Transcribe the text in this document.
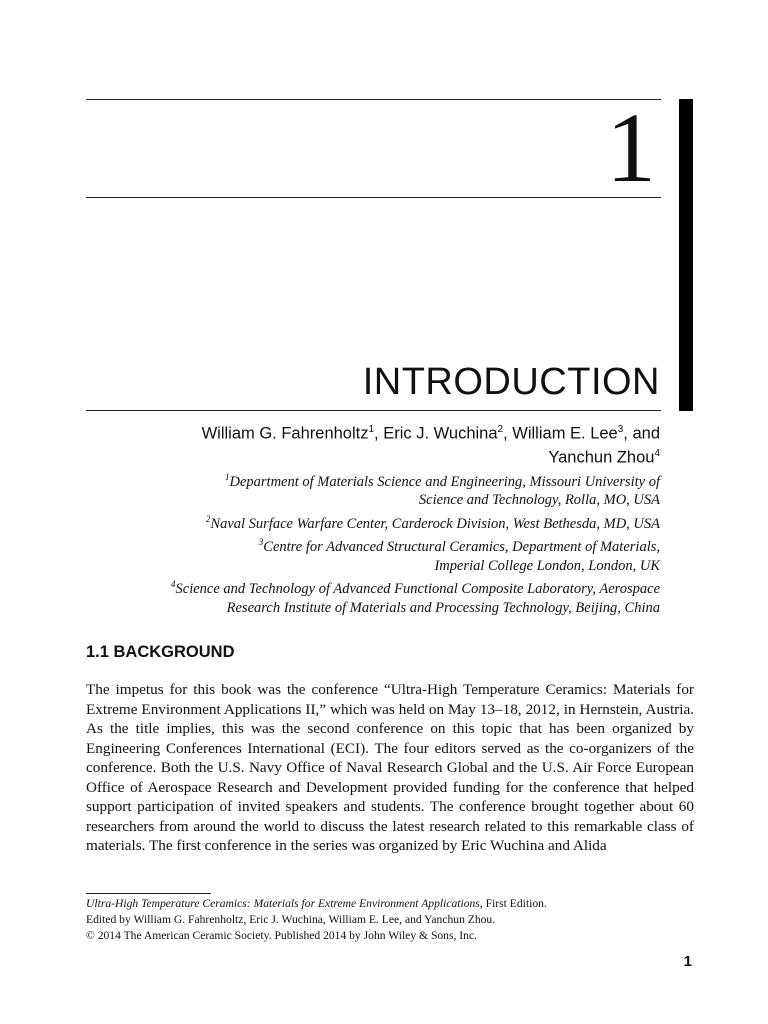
1
INTRODUCTION
William G. Fahrenholtz$^1$, Eric J. Wuchina$^2$, William E. Lee$^3$, and
Yanchun Zhou$^4$
$^1$Department of Materials Science and Engineering, Missouri University of
Science and Technology, Rolla, MO, USA
$^2$Naval Surface Warfare Center, Carderock Division, West Bethesda, MD, USA
$^3$Centre for Advanced Structural Ceramics, Department of Materials,
Imperial College London, London, UK
$^4$Science and Technology of Advanced Functional Composite Laboratory, Aerospace
Research Institute of Materials and Processing Technology, Beijing, China
1.1 BACKGROUND
The impetus for this book was the conference “Ultra-High Temperature Ceramics: Materials for Extreme Environment Applications II,” which was held on May 13–18, 2012, in Hernstein, Austria. As the title implies, this was the second conference on this topic that has been organized by Engineering Conferences International (ECI). The four editors served as the co-organizers of the conference. Both the U.S. Navy Office of Naval Research Global and the U.S. Air Force European Office of Aerospace Research and Development provided funding for the conference that helped support participation of invited speakers and students. The conference brought together about 60 researchers from around the world to discuss the latest research related to this remarkable class of materials. The first conference in the series was organized by Eric Wuchina and Alida
Ultra-High Temperature Ceramics: Materials for Extreme Environment Applications, First Edition.
Edited by William G. Fahrenholtz, Eric J. Wuchina, William E. Lee, and Yanchun Zhou.
© 2014 The American Ceramic Society. Published 2014 by John Wiley & Sons, Inc.
1
